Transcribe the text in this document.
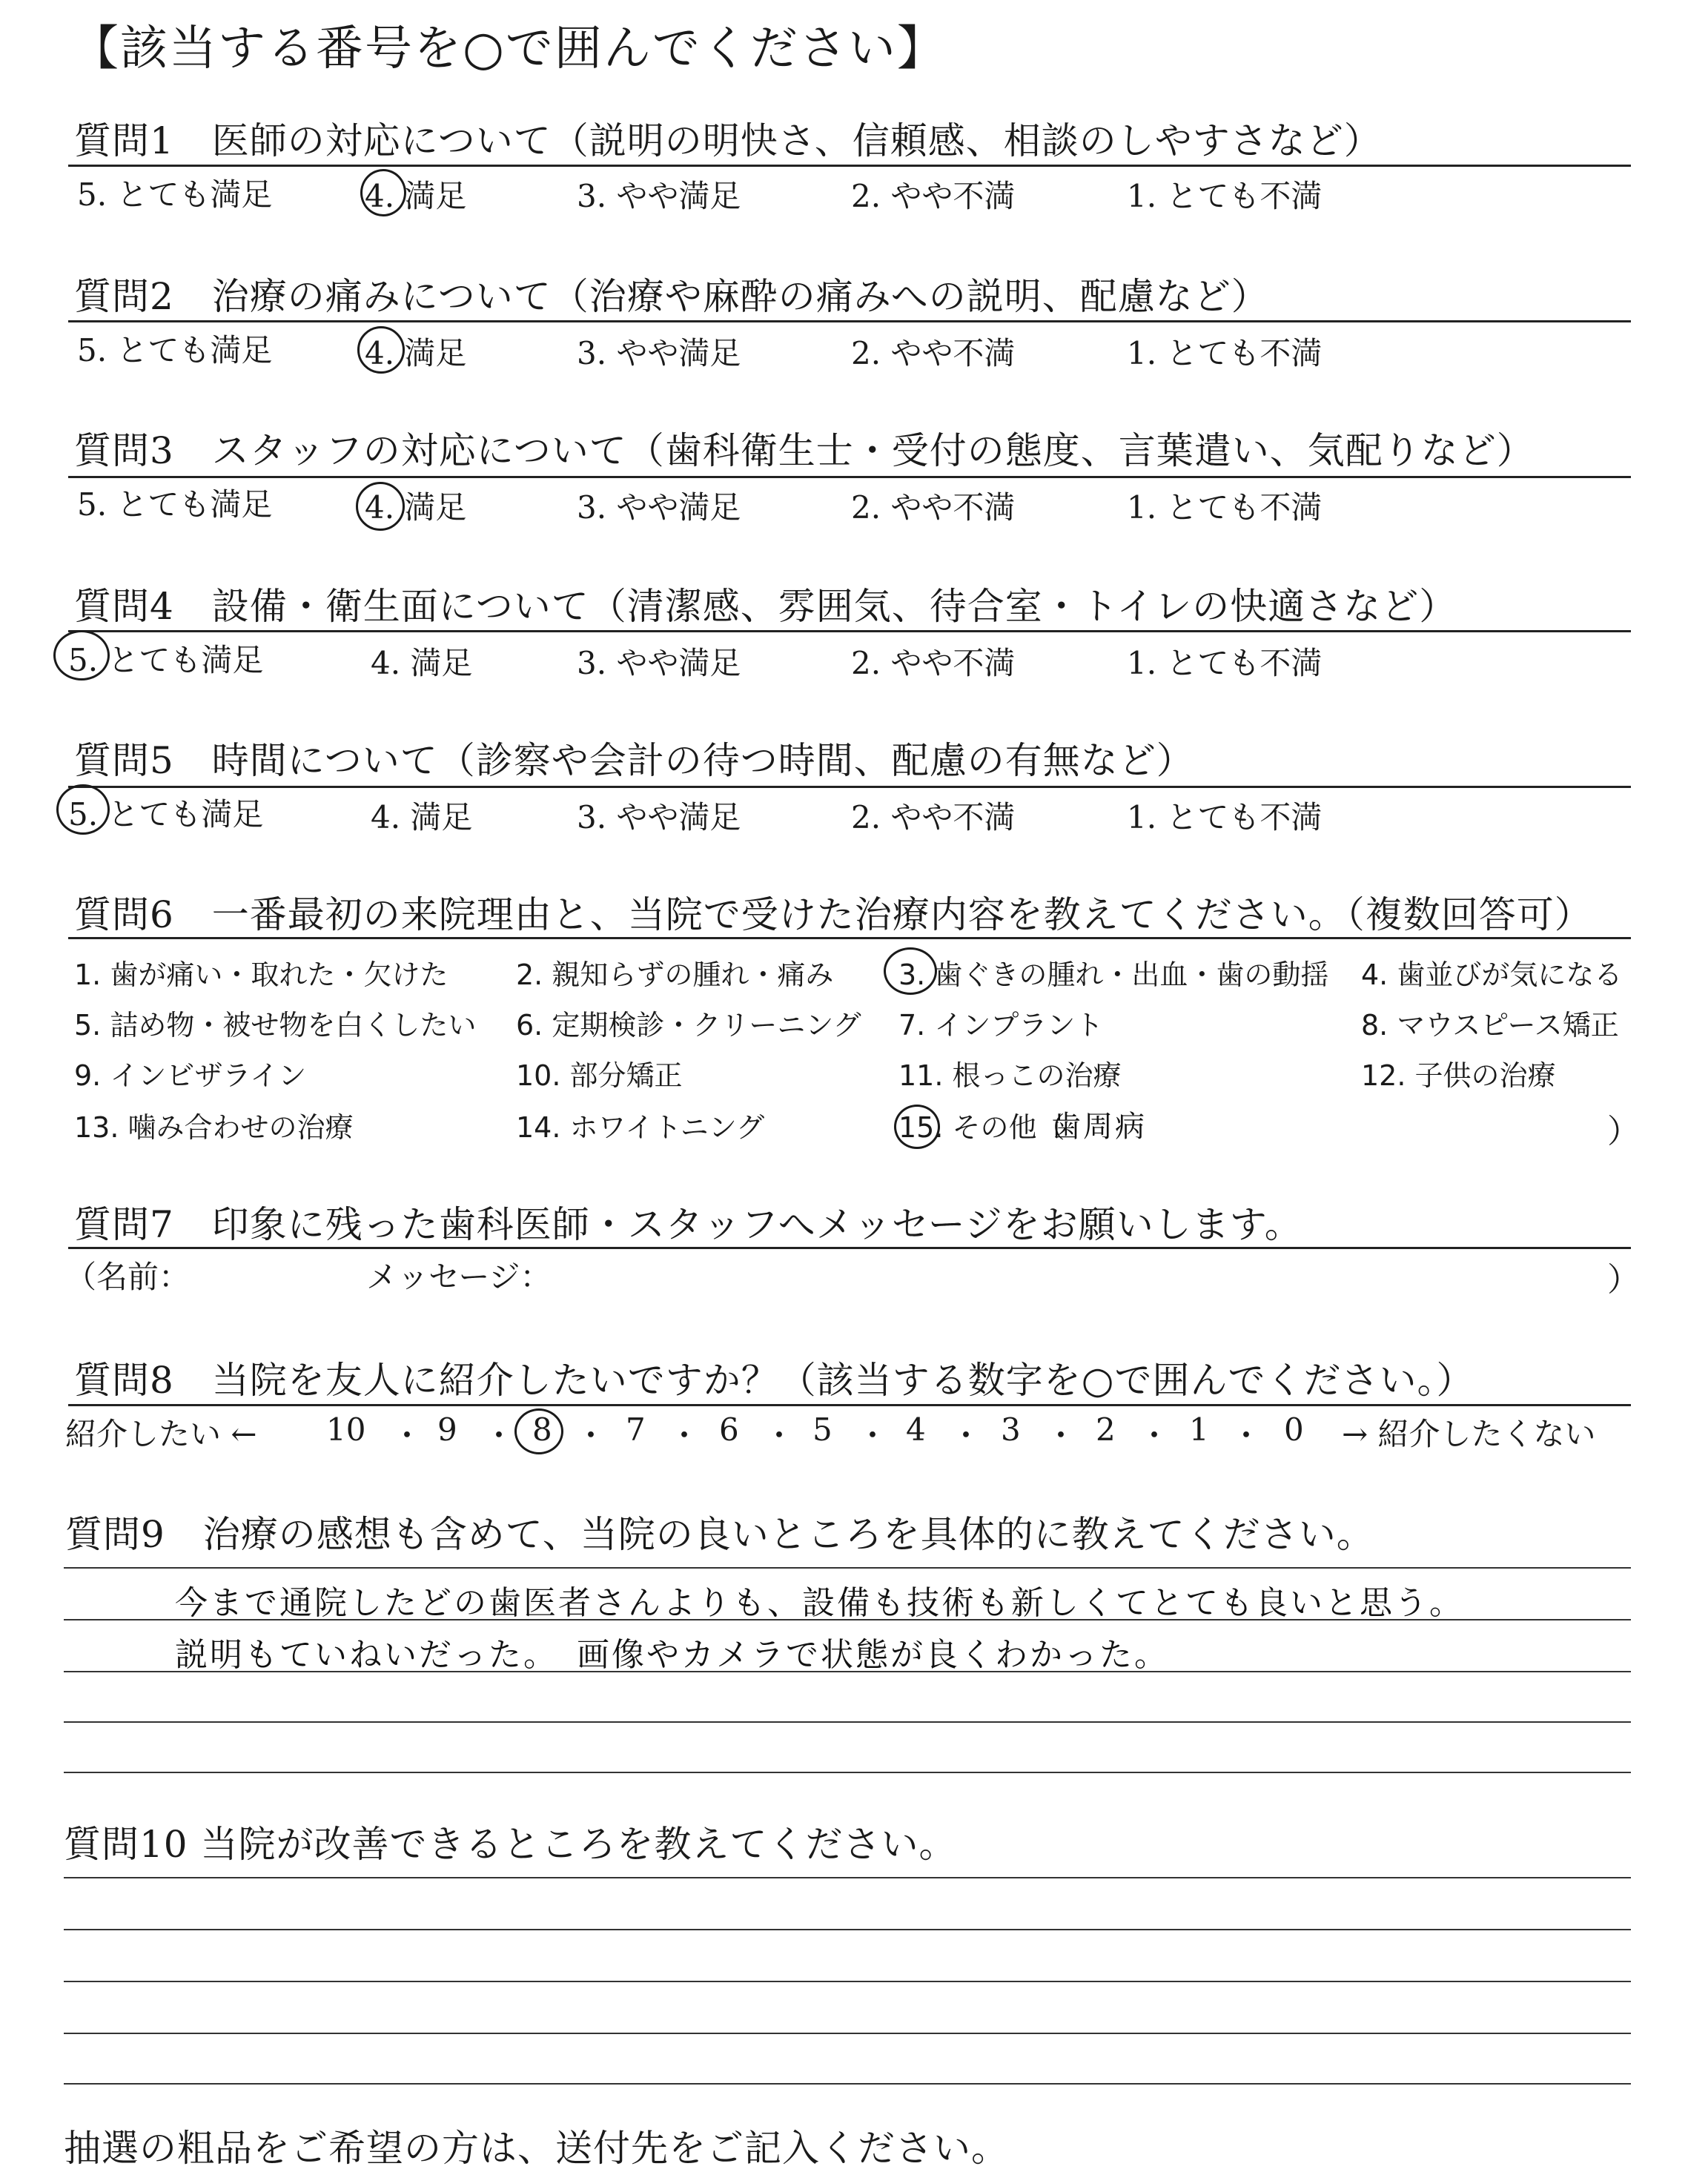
【該当する番号を○で囲んでください】
質問1　医師の対応について（説明の明快さ、信頼感、相談のしやすさなど）
5. とても満足	4. 満足	3. やや満足	2. やや不満	1. とても不満
質問2　治療の痛みについて（治療や麻酔の痛みへの説明、配慮など）
5. とても満足	4. 満足	3. やや満足	2. やや不満	1. とても不満
質問3　スタッフの対応について（歯科衛生士・受付の態度、言葉遣い、気配りなど）
5. とても満足	4. 満足	3. やや満足	2. やや不満	1. とても不満
質問4　設備・衛生面について（清潔感、雰囲気、待合室・トイレの快適さなど）
5. とても満足	4. 満足	3. やや満足	2. やや不満	1. とても不満
質問5　時間について（診察や会計の待つ時間、配慮の有無など）
5. とても満足	4. 満足	3. やや満足	2. やや不満	1. とても不満
質問6　一番最初の来院理由と、当院で受けた治療内容を教えてください。（複数回答可）
1. 歯が痛い・取れた・欠けた 2. 親知らずの腫れ・痛み 3. 歯ぐきの腫れ・出血・歯の動揺 4. 歯並びが気になる
5. 詰め物・被せ物を白くしたい 6. 定期検診・クリーニング 7. インプラント	8. マウスピース矯正
9. インビザライン	10. 部分矯正	11. 根っこの治療	12. 子供の治療
13. 噛み合わせの治療	14. ホワイトニング	15. その他（
歯周病	）
質問7　印象に残った歯科医師・スタッフへメッセージをお願いします。
（名前：	メッセージ：	）
質問8　当院を友人に紹介したいですか？（該当する数字を○で囲んでください。）
紹介したい ←	→ 紹介したくない
10 ・ 9 ・ 8 ・ 7 ・ 6 ・ 5 ・ 4 ・ 3 ・ 2 ・ 1 ・ 0
質問9　治療の感想も含めて、当院の良いところを具体的に教えてください。
今まで通院したどの歯医者さんよりも、設備も技術も新しくてとても良いと思う。
説明もていねいだった。　画像やカメラで状態が良くわかった。
質問10 当院が改善できるところを教えてください。
抽選の粗品をご希望の方は、送付先をご記入ください。
